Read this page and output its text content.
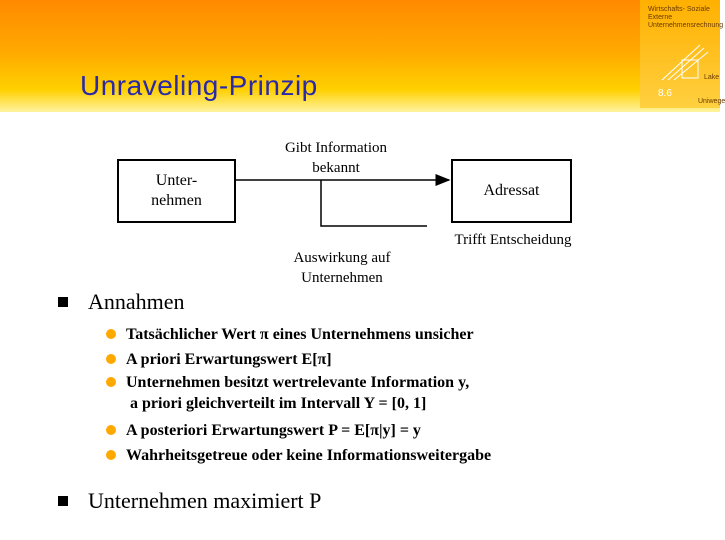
Wirtschafts- Soziale
Externe
Unternehmensrechnung
Lake
Uniwege
8.6
Unraveling-Prinzip
Unter-
nehmen
Adressat
Gibt Information
bekannt
Auswirkung auf
Unternehmen
Trifft Entscheidung
Annahmen
Tatsächlicher Wert π eines Unternehmens unsicher
A priori Erwartungswert E[π]
Unternehmen besitzt wertrelevante Information y,
a priori gleichverteilt im Intervall Y = [0, 1]
A posteriori Erwartungswert P = E[π|y] = y
Wahrheitsgetreue oder keine Informationsweitergabe
Unternehmen maximiert P
